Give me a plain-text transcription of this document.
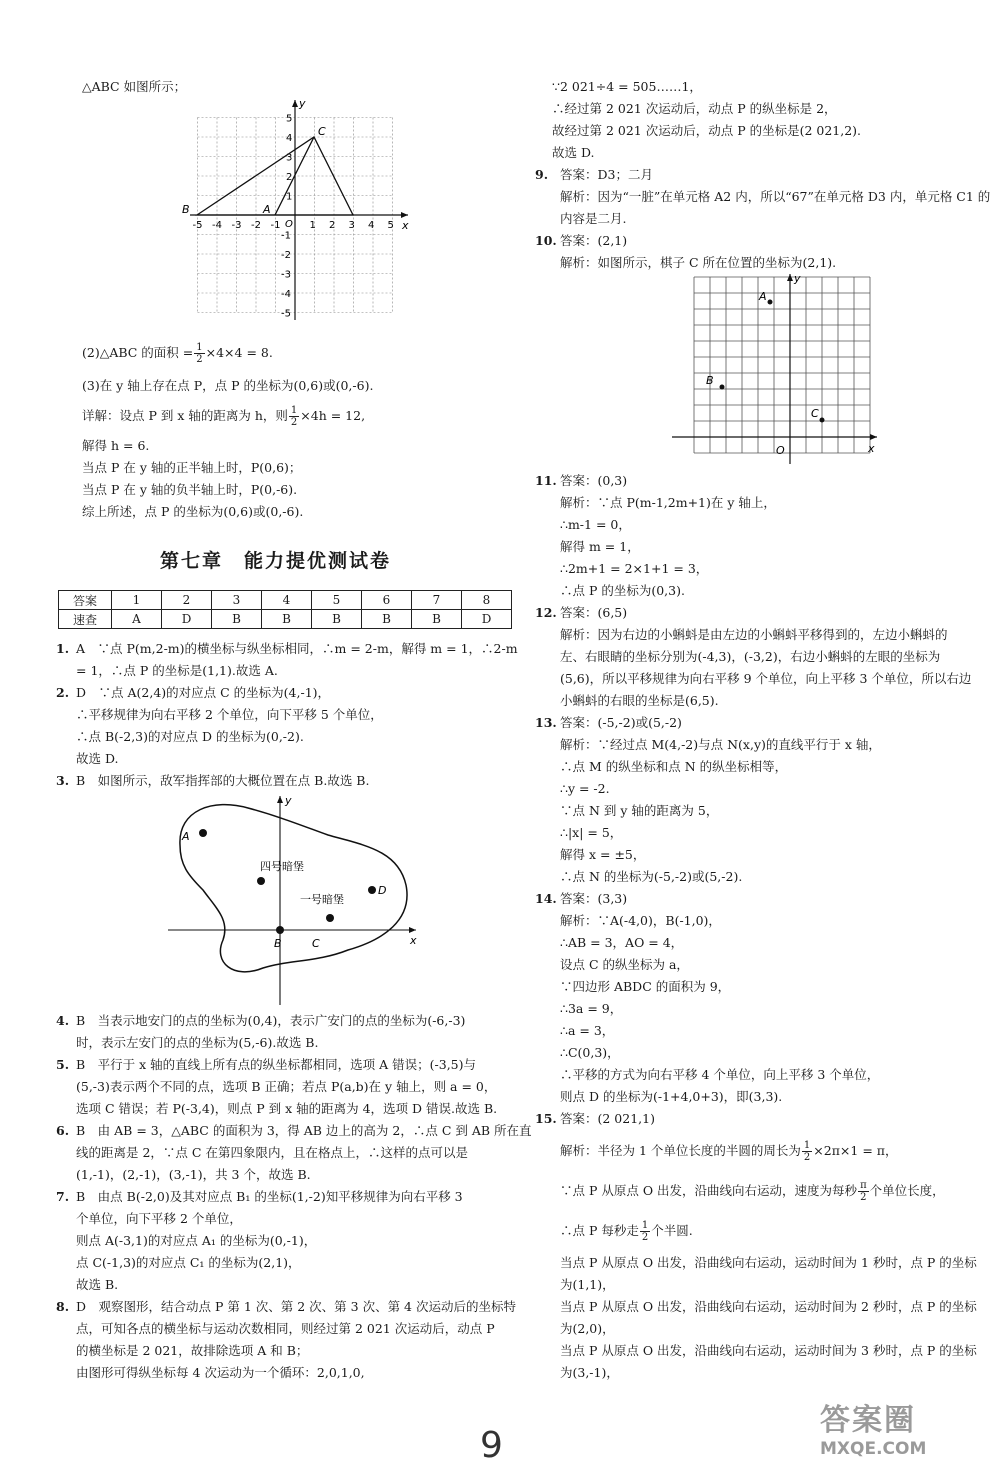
△ABC 如图所示；
x
y
O
-5 -4 -3 -2 -1	1 2 3 4 5
5
4
3
2
1
-1
-2
-3
-4
-5
B	A
C
(2)△ABC 的面积 = $\frac{1}{2} \times 4\times 4 = 8$.
(3)在 y 轴上存在点 P，点 P 的坐标为(0,6)或(0,-6).
详解：设点 P 到 x 轴的距离为 h，则 $\frac{1}{2} \times 4h = 12$,
解得 h = 6.
当点 P 在 y 轴的正半轴上时，P(0,6)；
当点 P 在 y 轴的负半轴上时，P(0,-6).
综上所述，点 P 的坐标为(0,6)或(0,-6).
第七章　能力提优测试卷
答案	1	2	3	4	5	6	7	8
速查	A	D	B	B	B	B	B	D
1. A　∵点 P(m,2-m)的横坐标与纵坐标相同，∴m = 2-m，解得 m = 1，∴2-m
= 1，∴点 P 的坐标是(1,1).故选 A.
2. D　∵点 A(2,4)的对应点 C 的坐标为(4,-1)，
∴平移规律为向右平移 2 个单位，向下平移 5 个单位，
∴点 B(-2,3)的对应点 D 的坐标为(0,-2).
故选 D.
3. B　如图所示，敌军指挥部的大概位置在点 B.故选 B.
x
y
A
四号暗堡
D
一号暗堡
B	C
4. B　当表示地安门的点的坐标为(0,4)，表示广安门的点的坐标为(-6,-3)
时，表示左安门的点的坐标为(5,-6).故选 B.
5. B　平行于 x 轴的直线上所有点的纵坐标都相同，选项 A 错误；(-3,5)与
(5,-3)表示两个不同的点，选项 B 正确；若点 P(a,b)在 y 轴上，则 a = 0，
选项 C 错误；若 P(-3,4)，则点 P 到 x 轴的距离为 4，选项 D 错误.故选 B.
6. B　由 AB = 3，△ABC 的面积为 3，得 AB 边上的高为 2，∴点 C 到 AB 所在直
线的距离是 2，∵点 C 在第四象限内，且在格点上，∴这样的点可以是
(1,-1)，(2,-1)，(3,-1)，共 3 个，故选 B.
7. B　由点 B(-2,0)及其对应点 B₁ 的坐标(1,-2)知平移规律为向右平移 3
个单位，向下平移 2 个单位，
则点 A(-3,1)的对应点 A₁ 的坐标为(0,-1)，
点 C(-1,3)的对应点 C₁ 的坐标为(2,1)，
故选 B.
8. D　观察图形，结合动点 P 第 1 次、第 2 次、第 3 次、第 4 次运动后的坐标特
点，可知各点的横坐标与运动次数相同，则经过第 2 021 次运动后，动点 P
的横坐标是 2 021，故排除选项 A 和 B；
由图形可得纵坐标每 4 次运动为一个循环：2,0,1,0,
∵2 021÷4 = 505……1，
∴经过第 2 021 次运动后，动点 P 的纵坐标是 2，
故经过第 2 021 次运动后，动点 P 的坐标是(2 021,2).
故选 D.
9. 答案：D3；二月
解析：因为“一脏”在单元格 A2 内，所以“67”在单元格 D3 内，单元格 C1 的
内容是二月.
10. 答案：(2,1)
解析：如图所示，棋子 C 所在位置的坐标为(2,1).
x
y
O
A
B
C
11. 答案：(0,3)
解析：∵点 P(m-1,2m+1)在 y 轴上，
∴m-1 = 0，
解得 m = 1，
∴2m+1 = 2×1+1 = 3，
∴点 P 的坐标为(0,3).
12. 答案：(6,5)
解析：因为右边的小蝌蚪是由左边的小蝌蚪平移得到的，左边小蝌蚪的
左、右眼睛的坐标分别为(-4,3)，(-3,2)，右边小蝌蚪的左眼的坐标为
(5,6)，所以平移规律为向右平移 9 个单位，向上平移 3 个单位，所以右边
小蝌蚪的右眼的坐标是(6,5).
13. 答案：(-5,-2)或(5,-2)
解析：∵经过点 M(4,-2)与点 N(x,y)的直线平行于 x 轴，
∴点 M 的纵坐标和点 N 的纵坐标相等，
∴y = -2.
∵点 N 到 y 轴的距离为 5，
∴|x| = 5，
解得 x = ±5，
∴点 N 的坐标为(-5,-2)或(5,-2).
14. 答案：(3,3)
解析：∵A(-4,0)，B(-1,0)，
∴AB = 3，AO = 4，
设点 C 的纵坐标为 a，
∵四边形 ABDC 的面积为 9，
∴3a = 9，
∴a = 3，
∴C(0,3)，
∴平移的方式为向右平移 4 个单位，向上平移 3 个单位，
则点 D 的坐标为(-1+4,0+3)，即(3,3).
15. 答案：(2 021,1)
解析：半径为 1 个单位长度的半圆的周长为 $\frac{1}{2} \times 2\pi\times 1 = \pi$，
∵点 P 从原点 O 出发，沿曲线向右运动，速度为每秒 $\frac{\pi}{2}$ 个单位长度，
∴点 P 每秒走 $\frac{1}{2}$ 个半圆.
当点 P 从原点 O 出发，沿曲线向右运动，运动时间为 1 秒时，点 P 的坐标
为(1,1)，
当点 P 从原点 O 出发，沿曲线向右运动，运动时间为 2 秒时，点 P 的坐标
为(2,0)，
当点 P 从原点 O 出发，沿曲线向右运动，运动时间为 3 秒时，点 P 的坐标
为(3,-1)，
9
答案圈
MXQE.COM
